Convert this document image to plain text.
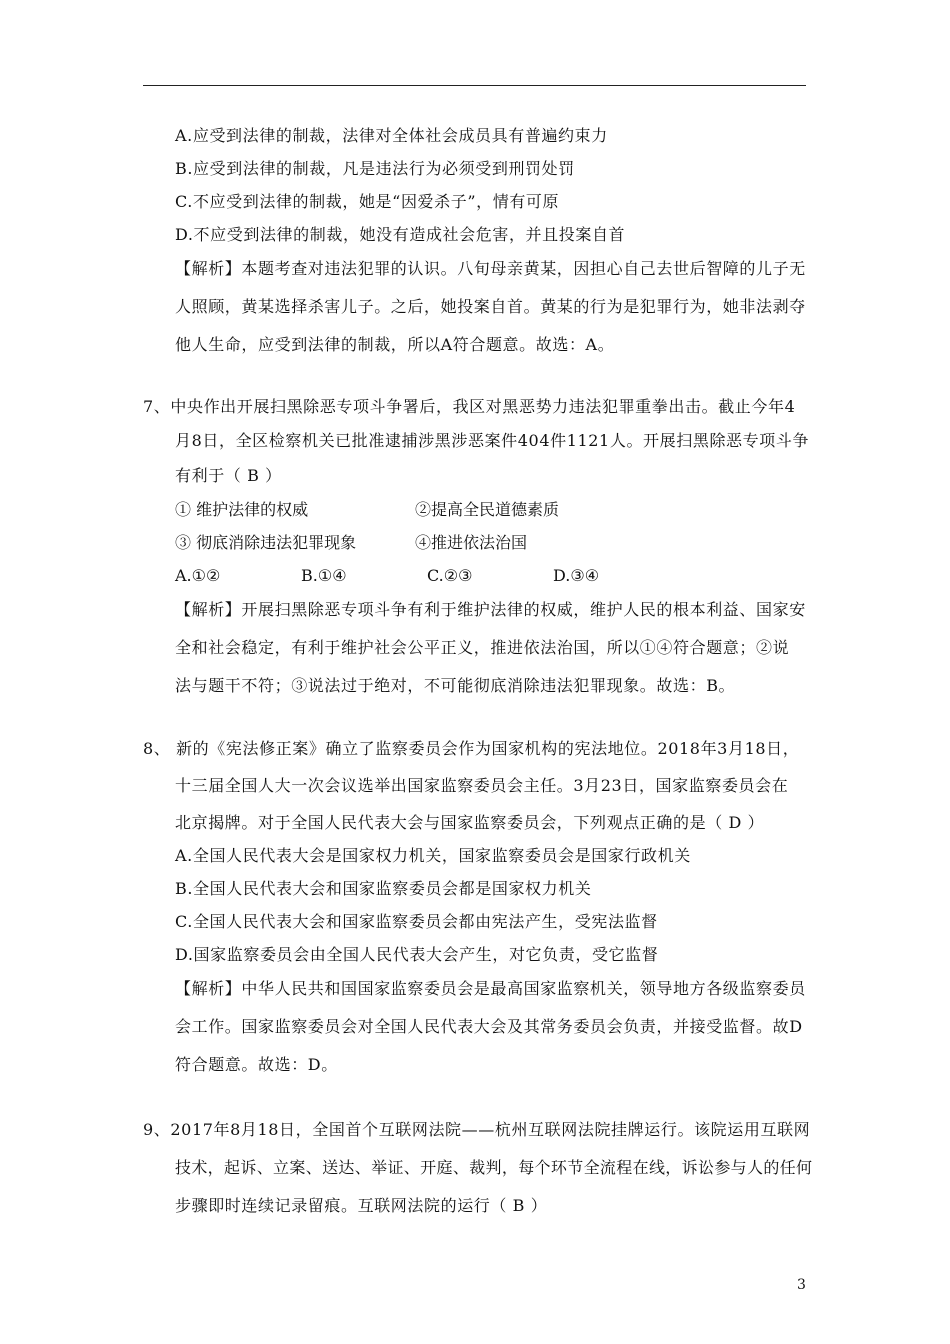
A.应受到法律的制裁，法律对全体社会成员具有普遍约束力
B.应受到法律的制裁，凡是违法行为必须受到刑罚处罚
C.不应受到法律的制裁，她是“因爱杀子”，情有可原
D.不应受到法律的制裁，她没有造成社会危害，并且投案自首
【解析】本题考查对违法犯罪的认识。八旬母亲黄某，因担心自己去世后智障的儿子无
人照顾，黄某选择杀害儿子。之后，她投案自首。黄某的行为是犯罪行为，她非法剥夺
他人生命，应受到法律的制裁，所以A符合题意。故选：A。
7、中央作出开展扫黑除恶专项斗争署后，我区对黑恶势力违法犯罪重拳出击。截止今年4
月8日，全区检察机关已批准逮捕涉黑涉恶案件404件1121人。开展扫黑除恶专项斗争
有利于（ B ）
① 维护法律的权威	②提高全民道德素质
③ 彻底消除违法犯罪现象	④推进依法治国
A.①②	B.①④	C.②③	D.③④
【解析】开展扫黑除恶专项斗争有利于维护法律的权威，维护人民的根本利益、国家安
全和社会稳定，有利于维护社会公平正义，推进依法治国，所以①④符合题意；②说
法与题干不符；③说法过于绝对，不可能彻底消除违法犯罪现象。故选：B。
8、 新的《宪法修正案》确立了监察委员会作为国家机构的宪法地位。2018年3月18日，
十三届全国人大一次会议选举出国家监察委员会主任。3月23日，国家监察委员会在
北京揭牌。对于全国人民代表大会与国家监察委员会，下列观点正确的是（ D ）
A.全国人民代表大会是国家权力机关，国家监察委员会是国家行政机关
B.全国人民代表大会和国家监察委员会都是国家权力机关
C.全国人民代表大会和国家监察委员会都由宪法产生，受宪法监督
D.国家监察委员会由全国人民代表大会产生，对它负责，受它监督
【解析】中华人民共和国国家监察委员会是最高国家监察机关，领导地方各级监察委员
会工作。国家监察委员会对全国人民代表大会及其常务委员会负责，并接受监督。故D
符合题意。故选：D。
9、2017年8月18日，全国首个互联网法院——杭州互联网法院挂牌运行。该院运用互联网
技术，起诉、立案、送达、举证、开庭、裁判，每个环节全流程在线，诉讼参与人的任何
步骤即时连续记录留痕。互联网法院的运行（ B ）
3
